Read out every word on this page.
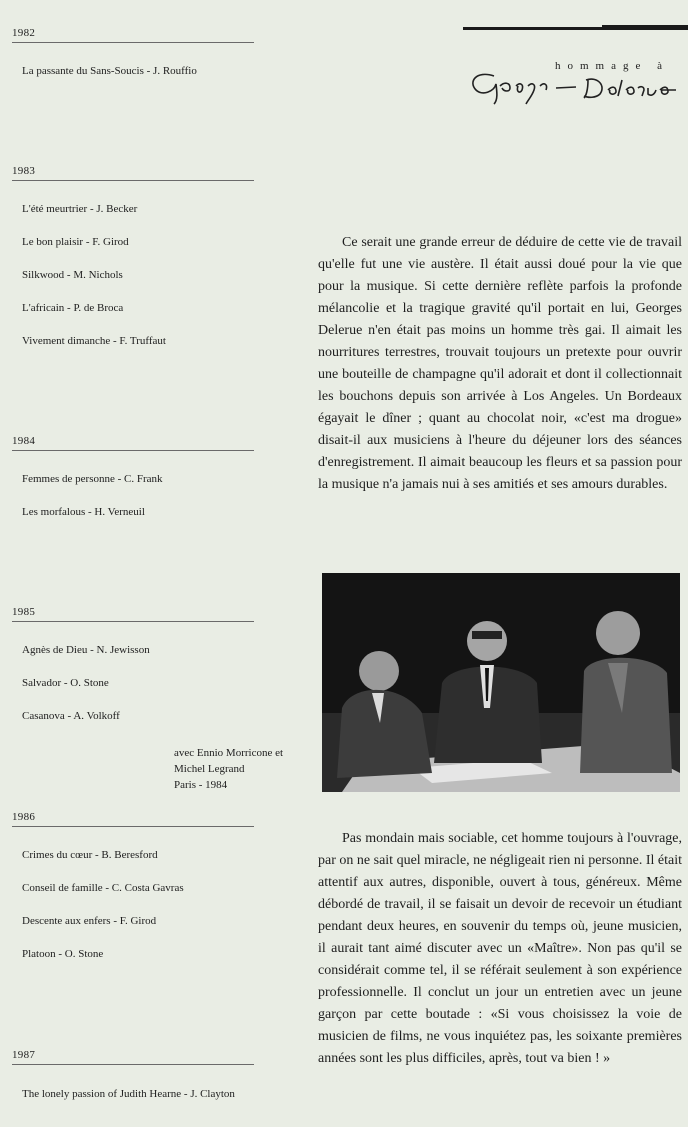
hommage à
1982
La passante du Sans-Soucis - J. Rouffio
1983
L'été meurtrier - J. Becker
Le bon plaisir - F. Girod
Silkwood - M. Nichols
L'africain - P. de Broca
Vivement dimanche - F. Truffaut
1984
Femmes de personne - C. Frank
Les morfalous - H. Verneuil
1985
Agnès de Dieu - N. Jewisson
Salvador - O. Stone
Casanova - A. Volkoff
1986
Crimes du cœur - B. Beresford
Conseil de famille - C. Costa Gavras
Descente aux enfers - F. Girod
Platoon - O. Stone
1987
The lonely passion of Judith Hearne - J. Clayton

Ce serait une grande erreur de déduire de cette vie de travail qu'elle fut une vie austère. Il était aussi doué pour la vie que pour la musique. Si cette dernière reflète parfois la profonde mélancolie et la tragique gravité qu'il portait en lui, Georges Delerue n'en était pas moins un homme très gai. Il aimait les nourritures terrestres, trouvait toujours un pretexte pour ouvrir une bouteille de champagne qu'il adorait et dont il collectionnait les bouchons depuis son arrivée à Los Angeles. Un Bordeaux égayait le dîner ; quant au chocolat noir, «c'est ma drogue» disait-il aux musiciens à l'heure du déjeuner lors des séances d'enregistrement. Il aimait beaucoup les fleurs et sa passion pour la musique n'a jamais nui à ses amitiés et ses amours durables.

avec Ennio Morricone et
Michel Legrand
Paris - 1984

Pas mondain mais sociable, cet homme toujours à l'ouvrage, par on ne sait quel miracle, ne négligeait rien ni personne. Il était attentif aux autres, disponible, ouvert à tous, généreux. Même débordé de travail, il se faisait un devoir de recevoir un étudiant pendant deux heures, en souvenir du temps où, jeune musicien, il aurait tant aimé discuter avec un «Maître». Non pas qu'il se considérait comme tel, il se référait seulement à son expérience professionnelle. Il conclut un jour un entretien avec un jeune garçon par cette boutade : «Si vous choisissez la voie de musicien de films, ne vous inquiétez pas, les soixante premières années sont les plus difficiles, après, tout va bien ! »
